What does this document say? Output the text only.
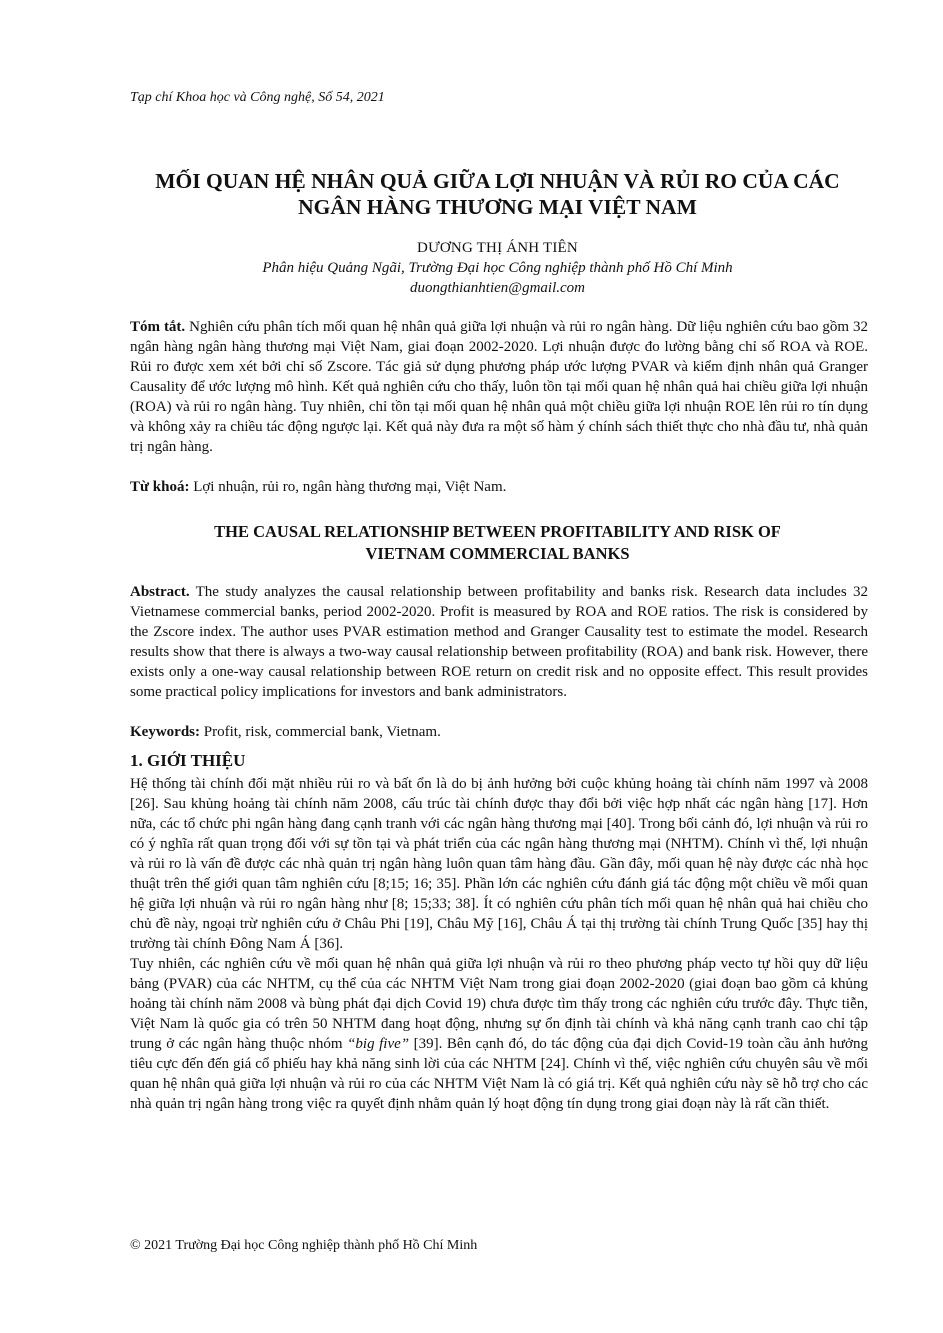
Tạp chí Khoa học và Công nghệ, Số 54, 2021
MỐI QUAN HỆ NHÂN QUẢ GIỮA LỢI NHUẬN VÀ RỦI RO CỦA CÁC
NGÂN HÀNG THƯƠNG MẠI VIỆT NAM
DƯƠNG THỊ ÁNH TIÊN
Phân hiệu Quảng Ngãi, Trường Đại học Công nghiệp thành phố Hồ Chí Minh
duongthianhtien@gmail.com
Tóm tắt. Nghiên cứu phân tích mối quan hệ nhân quả giữa lợi nhuận và rủi ro ngân hàng. Dữ liệu nghiên cứu bao gồm 32 ngân hàng ngân hàng thương mại Việt Nam, giai đoạn 2002-2020. Lợi nhuận được đo lường bằng chỉ số ROA và ROE. Rủi ro được xem xét bởi chỉ số Zscore. Tác giả sử dụng phương pháp ước lượng PVAR và kiểm định nhân quả Granger Causality để ước lượng mô hình. Kết quả nghiên cứu cho thấy, luôn tồn tại mối quan hệ nhân quả hai chiều giữa lợi nhuận (ROA) và rủi ro ngân hàng. Tuy nhiên, chỉ tồn tại mối quan hệ nhân quả một chiều giữa lợi nhuận ROE lên rủi ro tín dụng và không xảy ra chiều tác động ngược lại. Kết quả này đưa ra một số hàm ý chính sách thiết thực cho nhà đầu tư, nhà quản trị ngân hàng.
Từ khoá: Lợi nhuận, rủi ro, ngân hàng thương mại, Việt Nam.
THE CAUSAL RELATIONSHIP BETWEEN PROFITABILITY AND RISK OF
VIETNAM COMMERCIAL BANKS
Abstract. The study analyzes the causal relationship between profitability and banks risk. Research data includes 32 Vietnamese commercial banks, period 2002-2020. Profit is measured by ROA and ROE ratios. The risk is considered by the Zscore index. The author uses PVAR estimation method and Granger Causality test to estimate the model. Research results show that there is always a two-way causal relationship between profitability (ROA) and bank risk. However, there exists only a one-way causal relationship between ROE return on credit risk and no opposite effect. This result provides some practical policy implications for investors and bank administrators.
Keywords: Profit, risk, commercial bank, Vietnam.
1. GIỚI THIỆU

Hệ thống tài chính đối mặt nhiều rủi ro và bất ổn là do bị ảnh hưởng bởi cuộc khủng hoảng tài chính năm 1997 và 2008 [26]. Sau khủng hoảng tài chính năm 2008, cấu trúc tài chính được thay đổi bởi việc hợp nhất các ngân hàng [17]. Hơn nữa, các tổ chức phi ngân hàng đang cạnh tranh với các ngân hàng thương mại [40]. Trong bối cảnh đó, lợi nhuận và rủi ro có ý nghĩa rất quan trọng đối với sự tồn tại và phát triển của các ngân hàng thương mại (NHTM). Chính vì thế, lợi nhuận và rủi ro là vấn đề được các nhà quản trị ngân hàng luôn quan tâm hàng đầu. Gần đây, mối quan hệ này được các nhà học thuật trên thế giới quan tâm nghiên cứu [8;15; 16; 35]. Phần lớn các nghiên cứu đánh giá tác động một chiều về mối quan hệ giữa lợi nhuận và rủi ro ngân hàng như [8; 15;33; 38]. Ít có nghiên cứu phân tích mối quan hệ nhân quả hai chiều cho chủ đề này, ngoại trừ nghiên cứu ở Châu Phi [19], Châu Mỹ [16], Châu Á tại thị trường tài chính Trung Quốc [35] hay thị trường tài chính Đông Nam Á [36].

Tuy nhiên, các nghiên cứu về mối quan hệ nhân quả giữa lợi nhuận và rủi ro theo phương pháp vecto tự hồi quy dữ liệu bảng (PVAR) của các NHTM, cụ thể của các NHTM Việt Nam trong giai đoạn 2002-2020 (giai đoạn bao gồm cả khủng hoảng tài chính năm 2008 và bùng phát đại dịch Covid 19) chưa được tìm thấy trong các nghiên cứu trước đây. Thực tiễn, Việt Nam là quốc gia có trên 50 NHTM đang hoạt động, nhưng sự ổn định tài chính và khả năng cạnh tranh cao chỉ tập trung ở các ngân hàng thuộc nhóm “big five” [39]. Bên cạnh đó, do tác động của đại dịch Covid-19 toàn cầu ảnh hưởng tiêu cực đến đến giá cổ phiếu hay khả năng sinh lời của các NHTM [24]. Chính vì thế, việc nghiên cứu chuyên sâu về mối quan hệ nhân quả giữa lợi nhuận và rủi ro của các NHTM Việt Nam là có giá trị. Kết quả nghiên cứu này sẽ hỗ trợ cho các nhà quản trị ngân hàng trong việc ra quyết định nhằm quản lý hoạt động tín dụng trong giai đoạn này là rất cần thiết.

© 2021 Trường Đại học Công nghiệp thành phố Hồ Chí Minh
